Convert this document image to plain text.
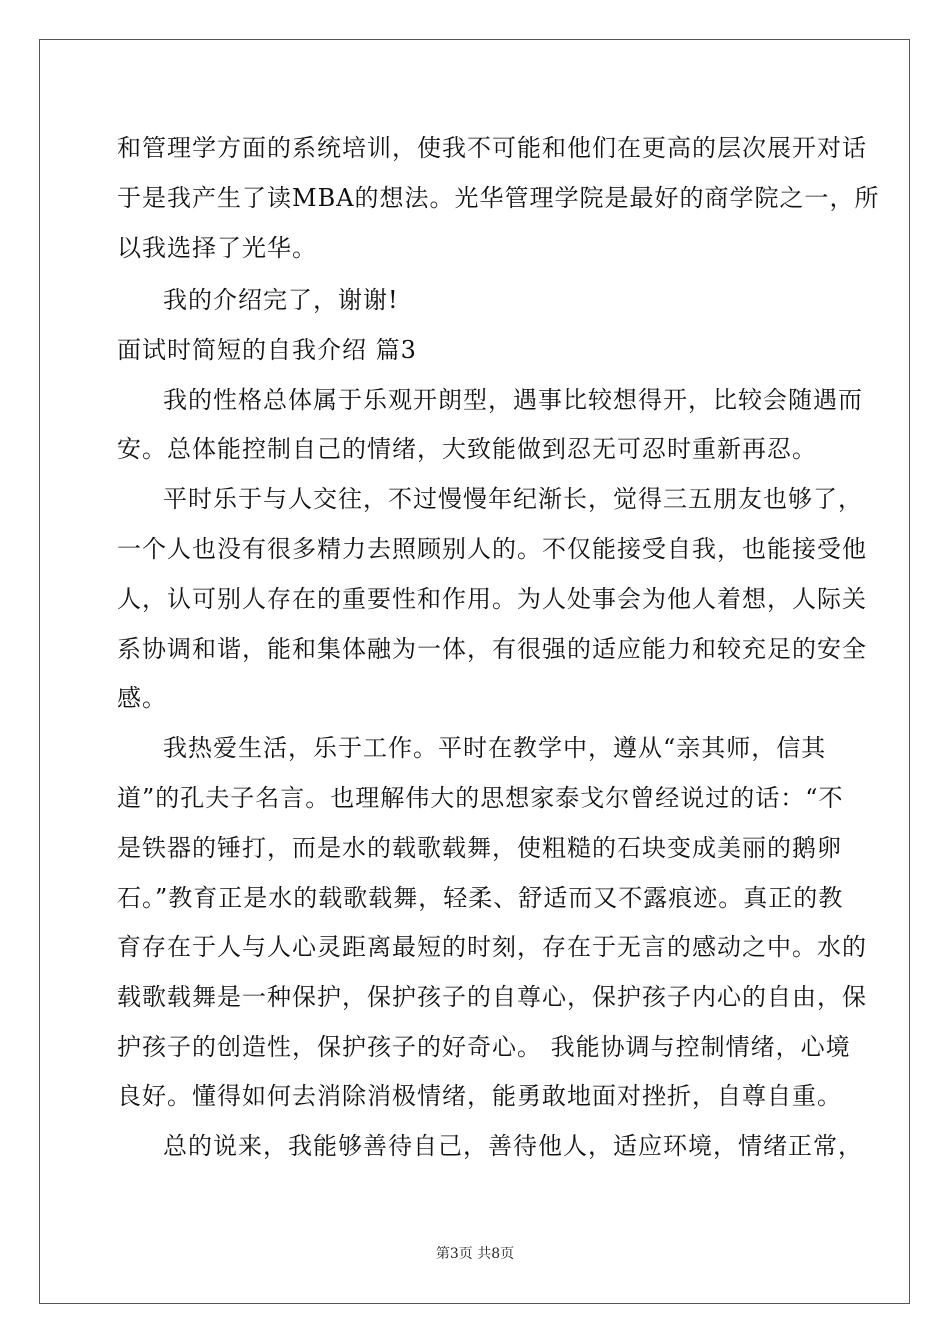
和管理学方面的系统培训，使我不可能和他们在更高的层次展开对话
于是我产生了读MBA的想法。光华管理学院是最好的商学院之一，所
以我选择了光华。
我的介绍完了，谢谢!
面试时简短的自我介绍 篇3
我的性格总体属于乐观开朗型，遇事比较想得开，比较会随遇而
安。总体能控制自己的情绪，大致能做到忍无可忍时重新再忍。
平时乐于与人交往，不过慢慢年纪渐长，觉得三五朋友也够了，
一个人也没有很多精力去照顾别人的。不仅能接受自我，也能接受他
人，认可别人存在的重要性和作用。为人处事会为他人着想，人际关
系协调和谐，能和集体融为一体，有很强的适应能力和较充足的安全
感。
我热爱生活，乐于工作。平时在教学中，遵从“亲其师，信其
道”的孔夫子名言。也理解伟大的思想家泰戈尔曾经说过的话：“不
是铁器的锤打，而是水的载歌载舞，使粗糙的石块变成美丽的鹅卵
石。”教育正是水的载歌载舞，轻柔、舒适而又不露痕迹。真正的教
育存在于人与人心灵距离最短的时刻，存在于无言的感动之中。水的
载歌载舞是一种保护，保护孩子的自尊心，保护孩子内心的自由，保
护孩子的创造性，保护孩子的好奇心。 我能协调与控制情绪，心境
良好。懂得如何去消除消极情绪，能勇敢地面对挫折，自尊自重。
总的说来，我能够善待自己，善待他人，适应环境，情绪正常，
第3页 共8页
